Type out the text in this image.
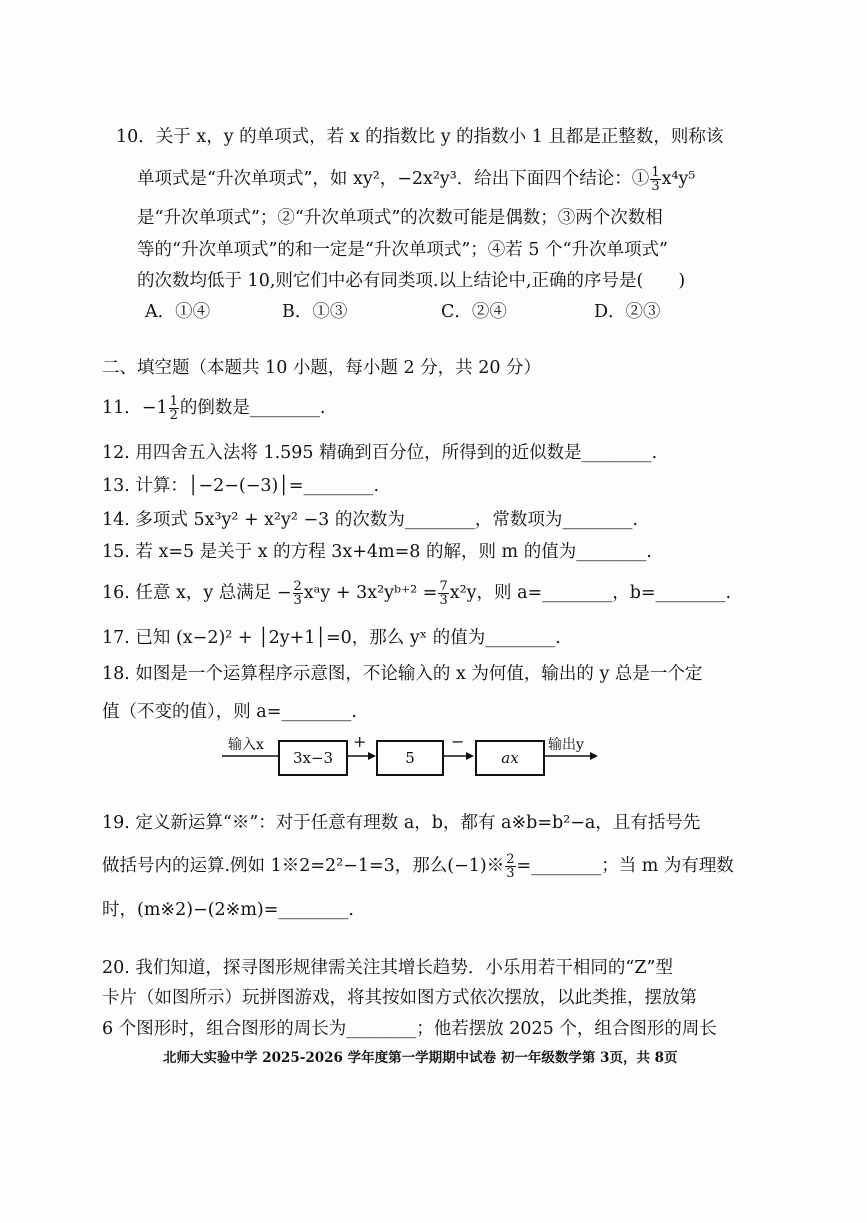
10．关于 x，y 的单项式，若 x 的指数比 y 的指数小 1 且都是正整数，则称该
单项式是“升次单项式”，如 xy²，−2x²y³．给出下面四个结论：① $\frac{1}{3} x^4y^5$
是“升次单项式”；②“升次单项式”的次数可能是偶数；③两个次数相
等的“升次单项式”的和一定是“升次单项式”；④若 5 个“升次单项式”
的次数均低于 10,则它们中必有同类项.以上结论中,正确的序号是(　　)
A．①④	B．①③	C．②④	D．②③
二、填空题（本题共 10 小题，每小题 2 分，共 20 分）
11．$-1 \frac{1}{2}$ 的倒数是________.
12. 用四舍五入法将 1.595 精确到百分位，所得到的近似数是________.
13. 计算：│−2−(−3)│=________.
14. 多项式 5x³y² + x²y² −3 的次数为________，常数项为________.
15. 若 x=5 是关于 x 的方程 3x+4m=8 的解，则 m 的值为________.
16. 任意 x，y 总满足 − $\frac{2}{3}$ xᵃy + 3x²yᵇ⁺² = $\frac{7}{3} x^2y$，则 a=________，b=________.
17. 已知 (x−2)² + │2y+1│=0，那么 yˣ 的值为________.
18. 如图是一个运算程序示意图，不论输入的 x 为何值，输出的 y 总是一个定
值（不变的值），则 a=________.
输入x
3x−3
+
5
−
ax
输出y
19. 定义新运算“※”：对于任意有理数 a，b，都有 a※b=b²−a，且有括号先
做括号内的运算.例如 1※2=2²−1=3，那么(−1)※ $\frac{2}{3}$ =________；当 m 为有理数
时，(m※2)−(2※m)=________.
20. 我们知道，探寻图形规律需关注其增长趋势．小乐用若干相同的“Z”型
卡片（如图所示）玩拼图游戏，将其按如图方式依次摆放，以此类推，摆放第
6 个图形时，组合图形的周长为________；他若摆放 2025 个，组合图形的周长
北师大实验中学 2025-2026 学年度第一学期期中试卷 初一年级数学第 3页，共 8页
